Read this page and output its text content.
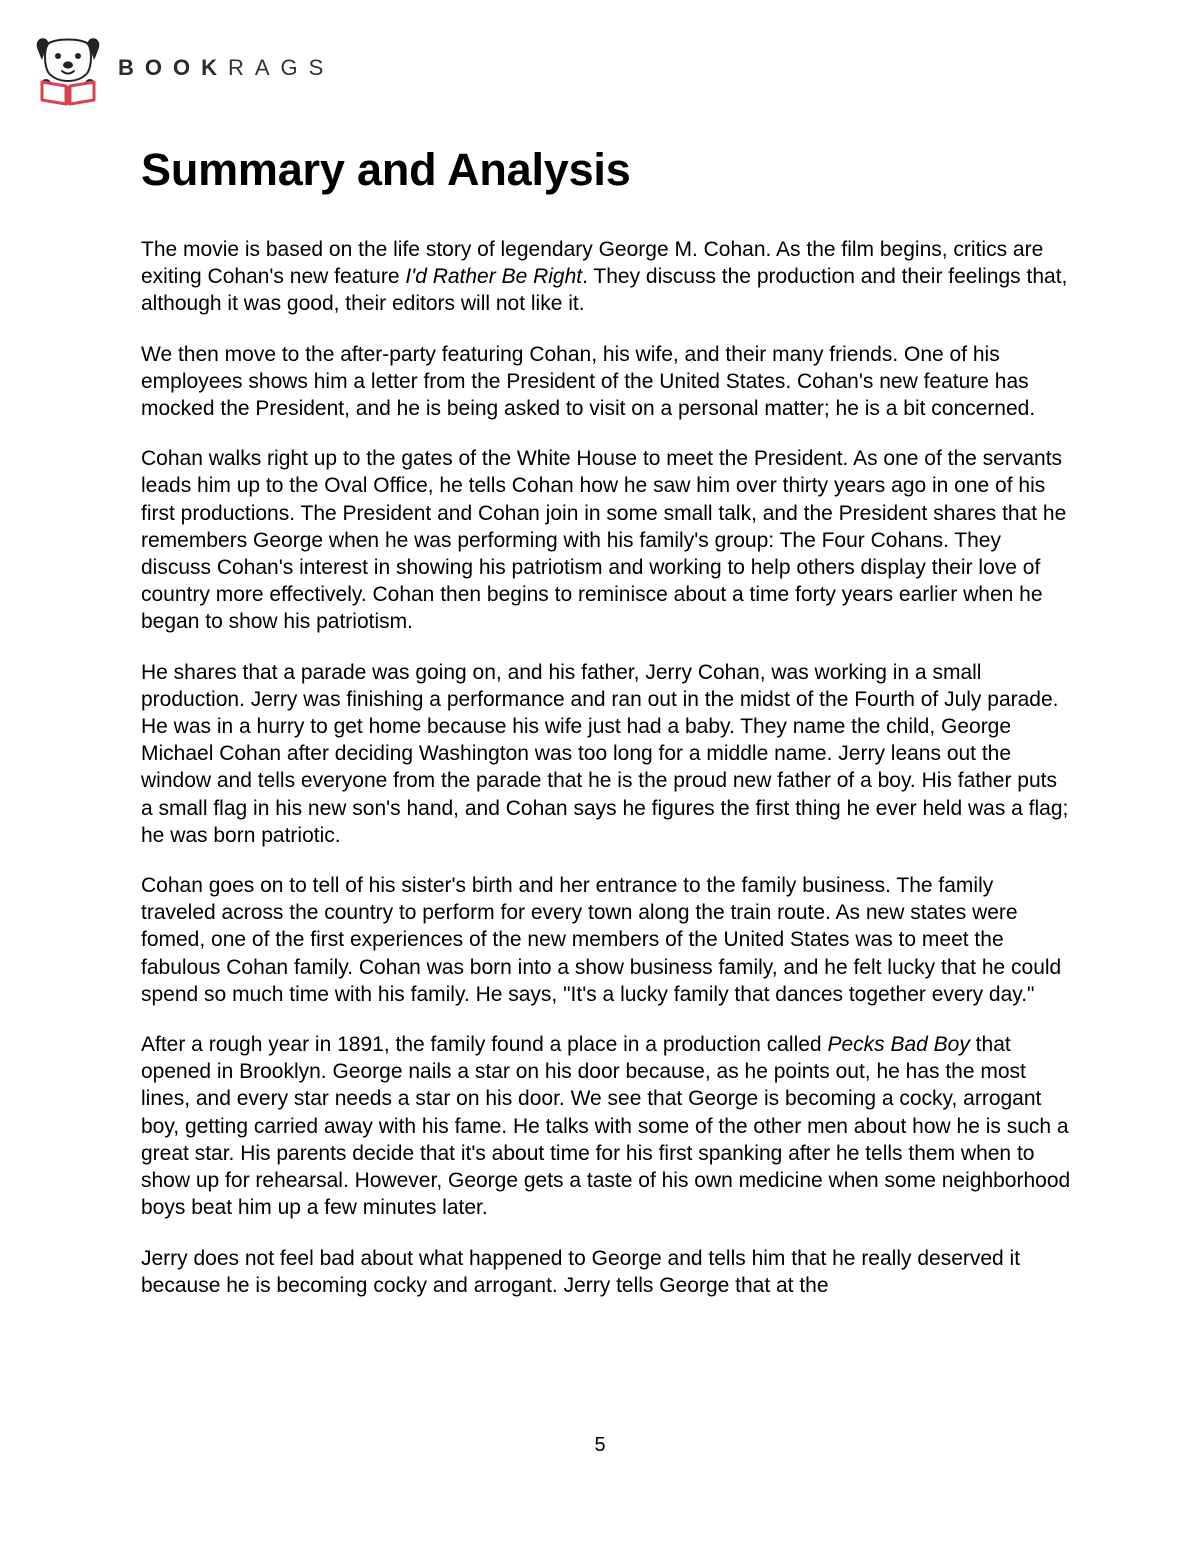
BOOKRAGS
Summary and Analysis

The movie is based on the life story of legendary George M. Cohan. As the film begins, critics are exiting Cohan's new feature I'd Rather Be Right. They discuss the production and their feelings that, although it was good, their editors will not like it.

We then move to the after-party featuring Cohan, his wife, and their many friends. One of his employees shows him a letter from the President of the United States. Cohan's new feature has mocked the President, and he is being asked to visit on a personal matter; he is a bit concerned.

Cohan walks right up to the gates of the White House to meet the President. As one of the servants leads him up to the Oval Office, he tells Cohan how he saw him over thirty years ago in one of his first productions. The President and Cohan join in some small talk, and the President shares that he remembers George when he was performing with his family's group: The Four Cohans. They discuss Cohan's interest in showing his patriotism and working to help others display their love of country more effectively. Cohan then begins to reminisce about a time forty years earlier when he began to show his patriotism.

He shares that a parade was going on, and his father, Jerry Cohan, was working in a small production. Jerry was finishing a performance and ran out in the midst of the Fourth of July parade. He was in a hurry to get home because his wife just had a baby. They name the child, George Michael Cohan after deciding Washington was too long for a middle name. Jerry leans out the window and tells everyone from the parade that he is the proud new father of a boy. His father puts a small flag in his new son's hand, and Cohan says he figures the first thing he ever held was a flag; he was born patriotic.

Cohan goes on to tell of his sister's birth and her entrance to the family business. The family traveled across the country to perform for every town along the train route. As new states were fomed, one of the first experiences of the new members of the United States was to meet the fabulous Cohan family. Cohan was born into a show business family, and he felt lucky that he could spend so much time with his family. He says, "It's a lucky family that dances together every day."

After a rough year in 1891, the family found a place in a production called Pecks Bad Boy that opened in Brooklyn. George nails a star on his door because, as he points out, he has the most lines, and every star needs a star on his door. We see that George is becoming a cocky, arrogant boy, getting carried away with his fame. He talks with some of the other men about how he is such a great star. His parents decide that it's about time for his first spanking after he tells them when to show up for rehearsal. However, George gets a taste of his own medicine when some neighborhood boys beat him up a few minutes later.

Jerry does not feel bad about what happened to George and tells him that he really deserved it because he is becoming cocky and arrogant. Jerry tells George that at the

5
